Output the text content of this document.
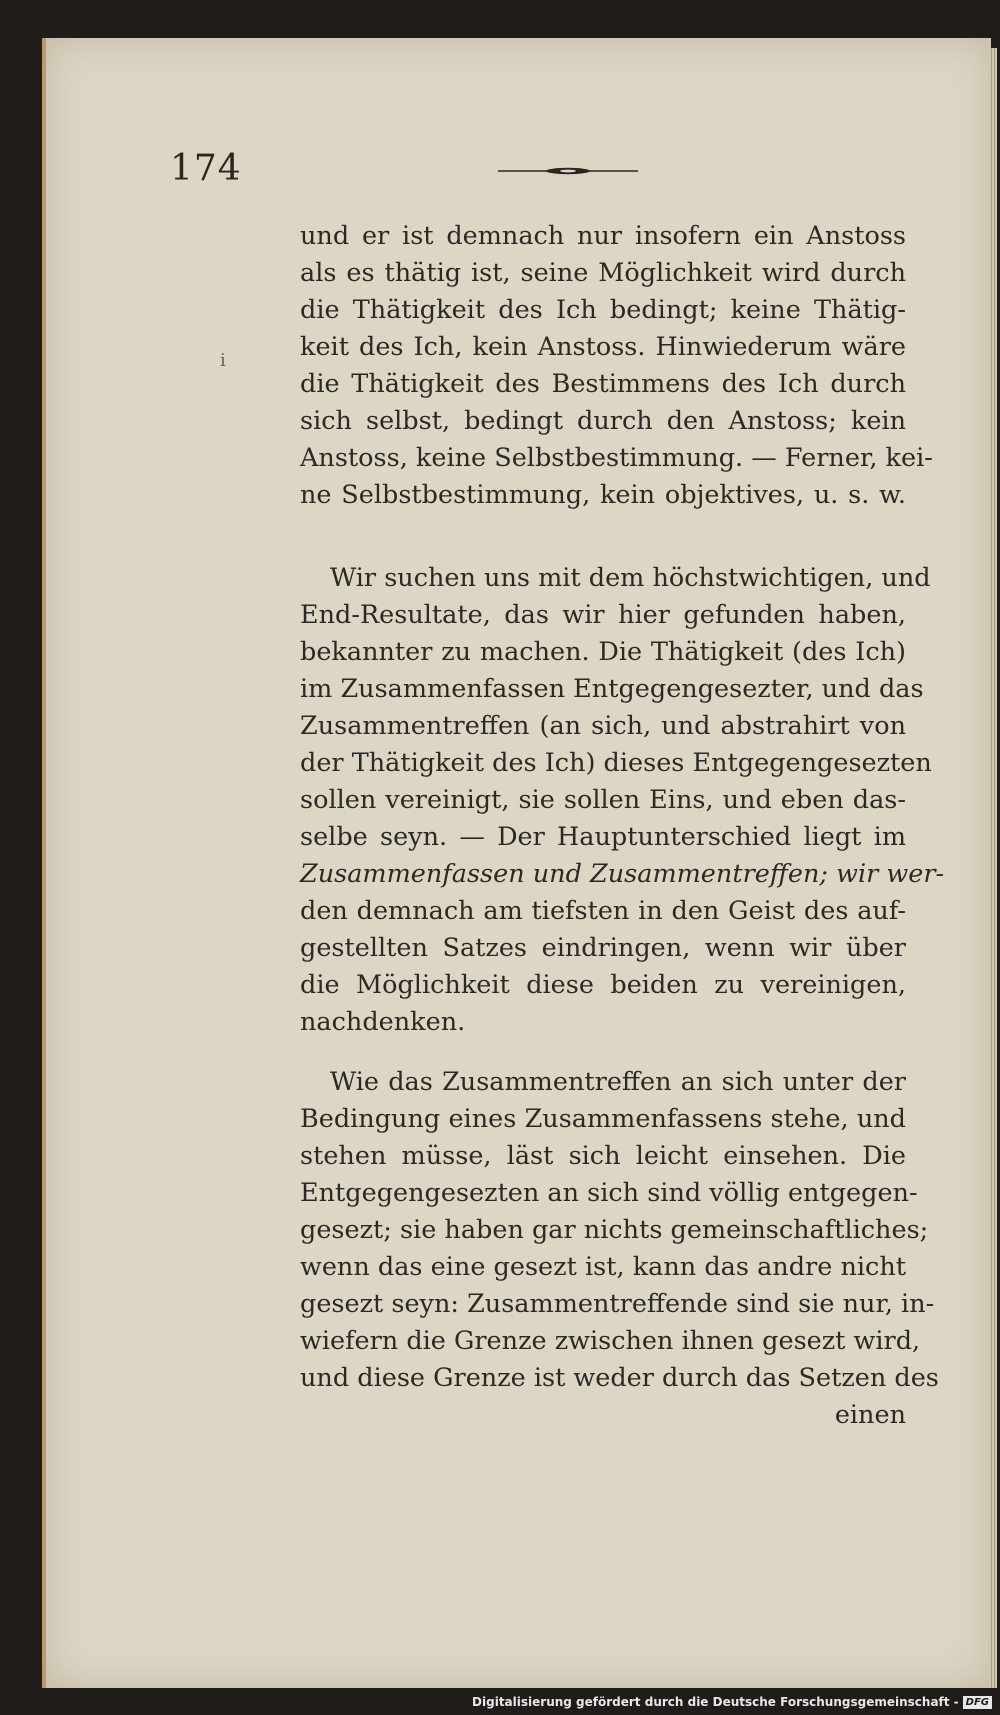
174
i
und er ist demnach nur insofern ein Anstoss
als es thätig ist, seine Möglichkeit wird durch
die Thätigkeit des Ich bedingt; keine Thätig-
keit des Ich, kein Anstoss. Hinwiederum wäre
die Thätigkeit des Bestimmens des Ich durch
sich selbst, bedingt durch den Anstoss; kein
Anstoss, keine Selbstbestimmung. — Ferner, kei-
ne Selbstbestimmung, kein objektives, u. s. w.
Wir suchen uns mit dem höchstwichtigen, und
End-Resultate, das wir hier gefunden haben,
bekannter zu machen. Die Thätigkeit (des Ich)
im Zusammenfassen Entgegengesezter, und das
Zusammentreffen (an sich, und abstrahirt von
der Thätigkeit des Ich) dieses Entgegengesezten
sollen vereinigt, sie sollen Eins, und eben das-
selbe seyn. — Der Hauptunterschied liegt im
Zusammenfassen und Zusammentreffen; wir wer-
den demnach am tiefsten in den Geist des auf-
gestellten Satzes eindringen, wenn wir über
die Möglichkeit diese beiden zu vereinigen,
nachdenken.
Wie das Zusammentreffen an sich unter der
Bedingung eines Zusammenfassens stehe, und
stehen müsse, läst sich leicht einsehen. Die
Entgegengesezten an sich sind völlig entgegen-
gesezt; sie haben gar nichts gemeinschaftliches;
wenn das eine gesezt ist, kann das andre nicht
gesezt seyn: Zusammentreffende sind sie nur, in-
wiefern die Grenze zwischen ihnen gesezt wird,
und diese Grenze ist weder durch das Setzen des
einen
Digitalisierung gefördert durch die Deutsche Forschungsgemeinschaft - DFG
